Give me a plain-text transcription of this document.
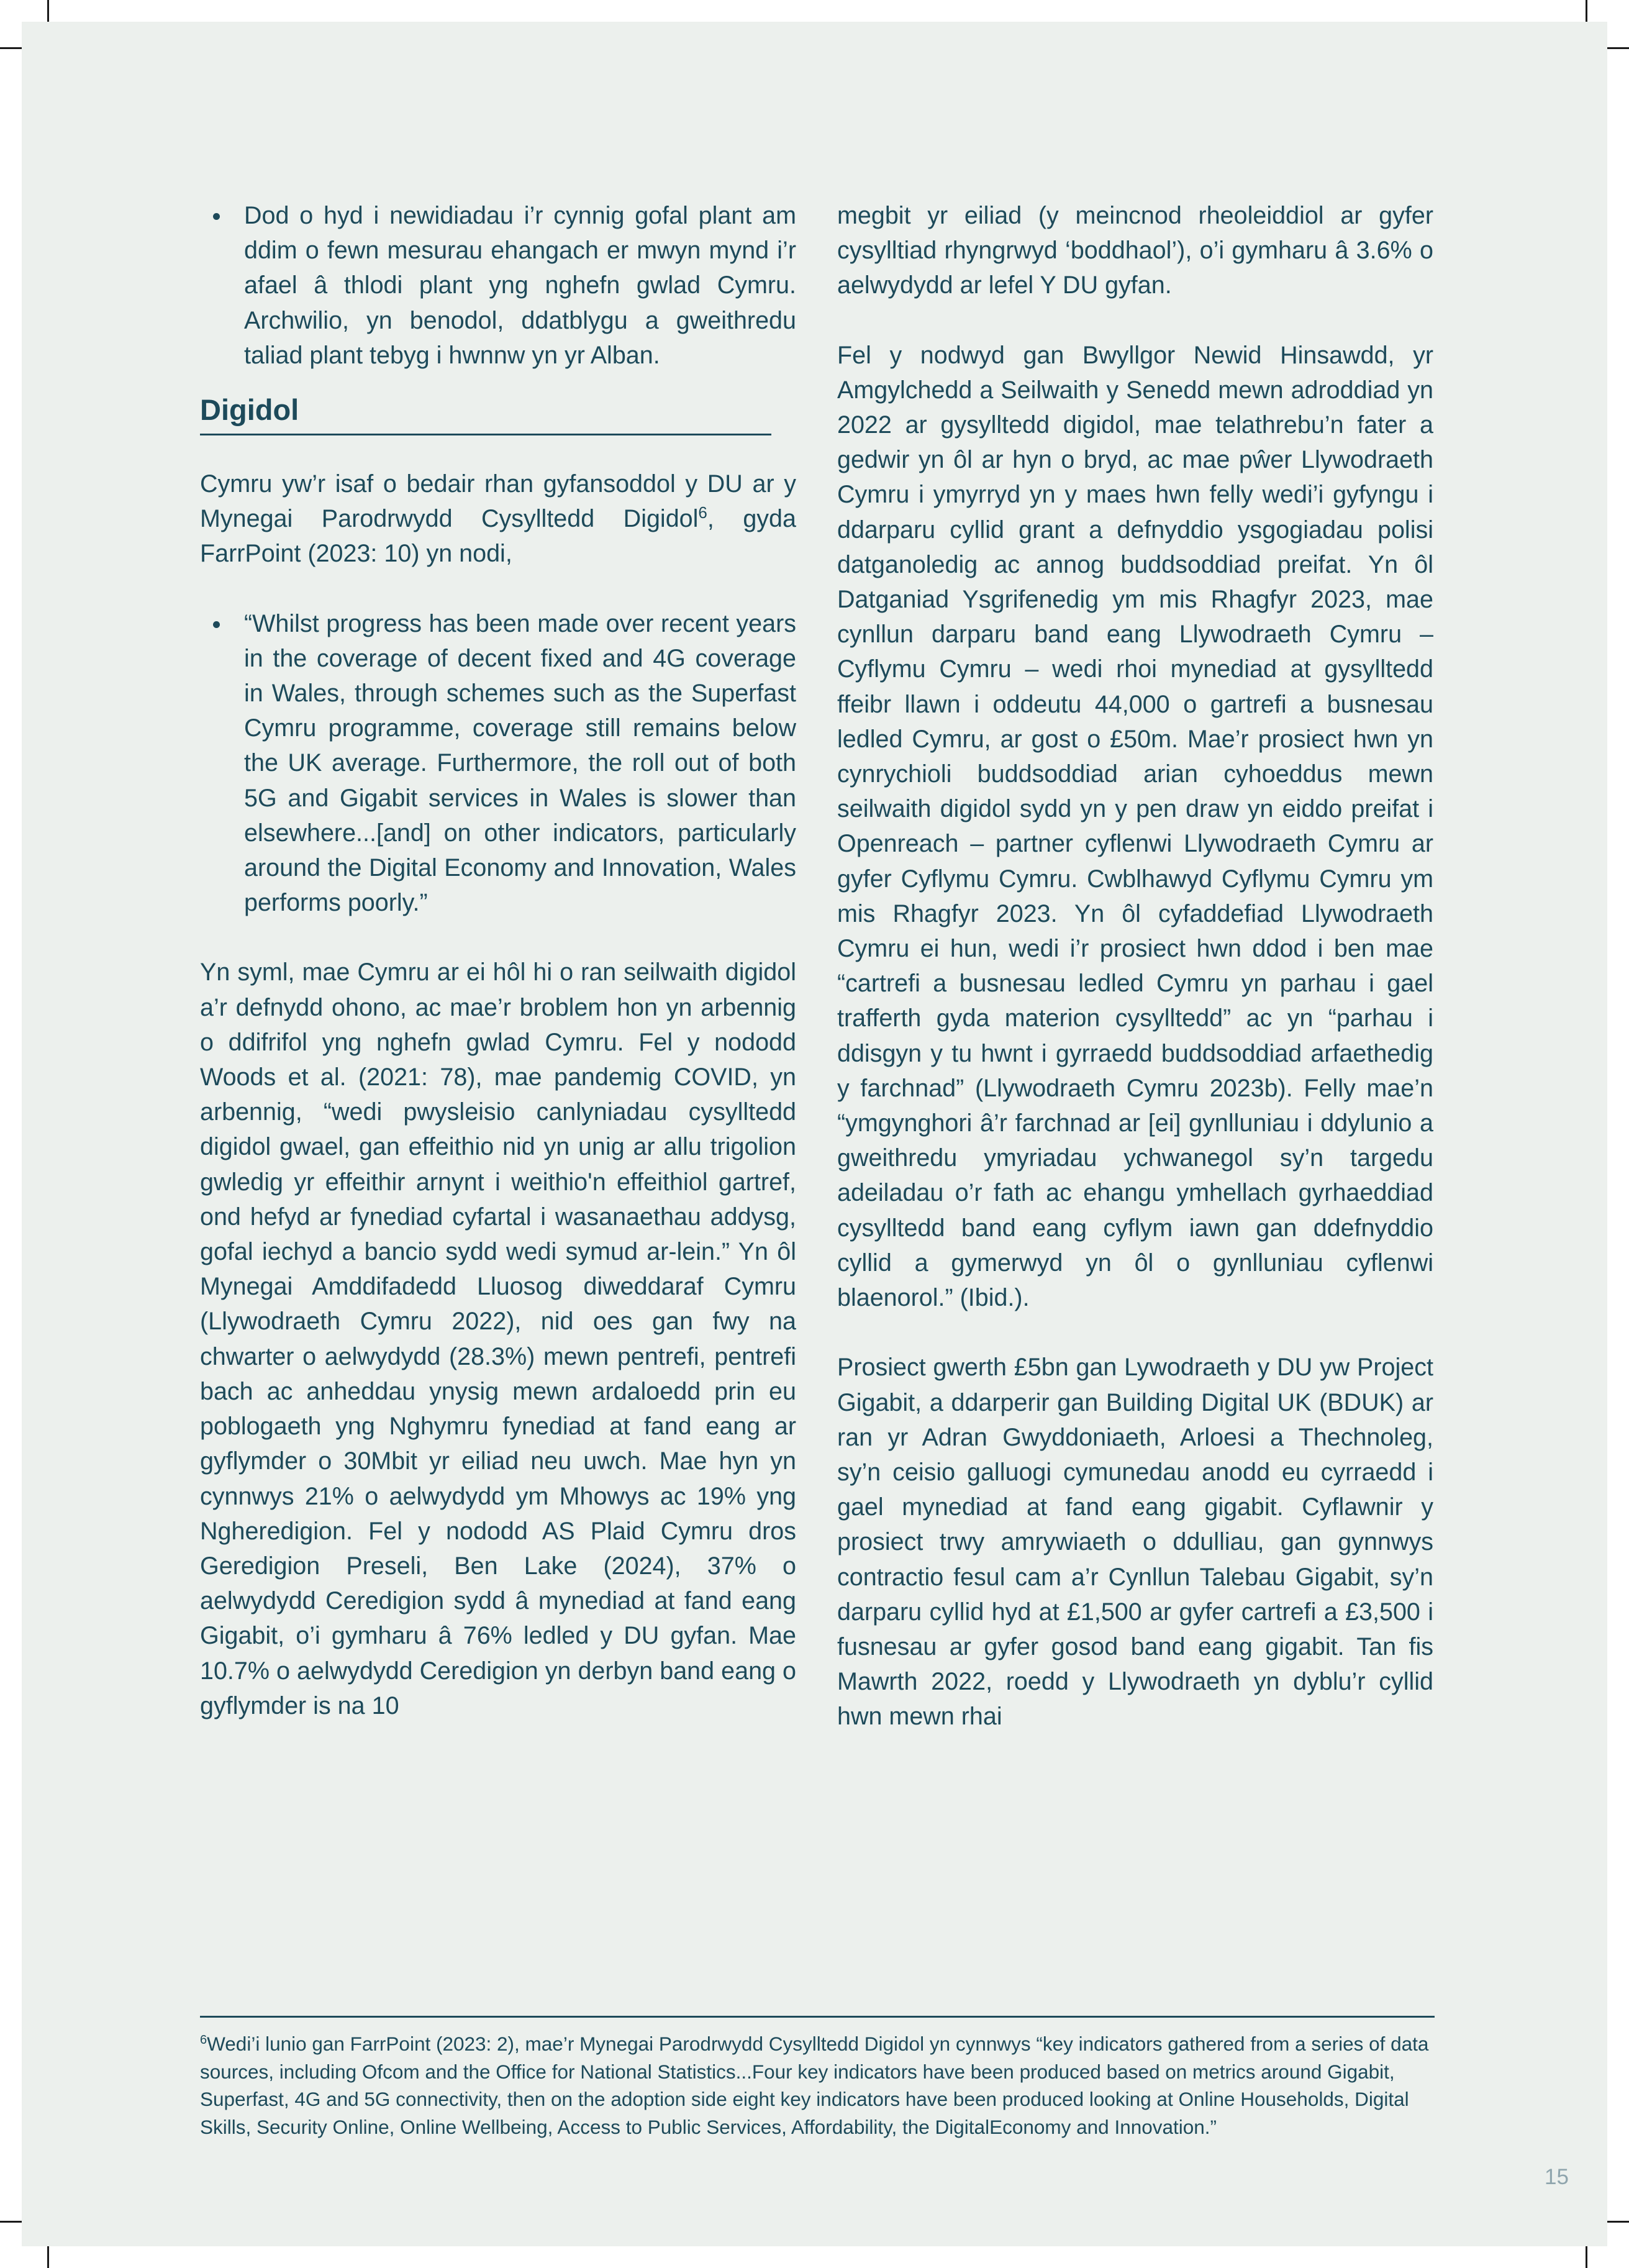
Dod o hyd i newidiadau i’r cynnig gofal plant am ddim o fewn mesurau ehangach er mwyn mynd i’r afael â thlodi plant yng nghefn gwlad Cymru. Archwilio, yn benodol, ddatblygu a gweithredu taliad plant tebyg i hwnnw yn yr Alban.
Digidol

Cymru yw’r isaf o bedair rhan gyfansoddol y DU ar y Mynegai Parodrwydd Cysylltedd Digidol$^6$, gyda FarrPoint (2023: 10) yn nodi,

“Whilst progress has been made over recent years in the coverage of decent fixed and 4G coverage in Wales, through schemes such as the Superfast Cymru programme, coverage still remains below the UK average. Furthermore, the roll out of both 5G and Gigabit services in Wales is slower than elsewhere...[and] on other indicators, particularly around the Digital Economy and Innovation, Wales performs poorly.”

Yn syml, mae Cymru ar ei hôl hi o ran seilwaith digidol a’r defnydd ohono, ac mae’r broblem hon yn arbennig o ddifrifol yng nghefn gwlad Cymru. Fel y nododd Woods et al. (2021: 78), mae pandemig COVID, yn arbennig, “wedi pwysleisio canlyniadau cysylltedd digidol gwael, gan effeithio nid yn unig ar allu trigolion gwledig yr effeithir arnynt i weithio'n effeithiol gartref, ond hefyd ar fynediad cyfartal i wasanaethau addysg, gofal iechyd a bancio sydd wedi symud ar-lein.” Yn ôl Mynegai Amddifadedd Lluosog diweddaraf Cymru (Llywodraeth Cymru 2022), nid oes gan fwy na chwarter o aelwydydd (28.3%) mewn pentrefi, pentrefi bach ac anheddau ynysig mewn ardaloedd prin eu poblogaeth yng Nghymru fynediad at fand eang ar gyflymder o 30Mbit yr eiliad neu uwch. Mae hyn yn cynnwys 21% o aelwydydd ym Mhowys ac 19% yng Ngheredigion. Fel y nododd AS Plaid Cymru dros Geredigion Preseli, Ben Lake (2024), 37% o aelwydydd Ceredigion sydd â mynediad at fand eang Gigabit, o’i gymharu â 76% ledled y DU gyfan. Mae 10.7% o aelwydydd Ceredigion yn derbyn band eang o gyflymder is na 10

megbit yr eiliad (y meincnod rheoleiddiol ar gyfer cysylltiad rhyngrwyd ‘boddhaol’), o’i gymharu â 3.6% o aelwydydd ar lefel Y DU gyfan.

Fel y nodwyd gan Bwyllgor Newid Hinsawdd, yr Amgylchedd a Seilwaith y Senedd mewn adroddiad yn 2022 ar gysylltedd digidol, mae telathrebu’n fater a gedwir yn ôl ar hyn o bryd, ac mae pŵer Llywodraeth Cymru i ymyrryd yn y maes hwn felly wedi’i gyfyngu i ddarparu cyllid grant a defnyddio ysgogiadau polisi datganoledig ac annog buddsoddiad preifat. Yn ôl Datganiad Ysgrifenedig ym mis Rhagfyr 2023, mae cynllun darparu band eang Llywodraeth Cymru – Cyflymu Cymru – wedi rhoi mynediad at gysylltedd ffeibr llawn i oddeutu 44,000 o gartrefi a busnesau ledled Cymru, ar gost o £50m. Mae’r prosiect hwn yn cynrychioli buddsoddiad arian cyhoeddus mewn seilwaith digidol sydd yn y pen draw yn eiddo preifat i Openreach – partner cyflenwi Llywodraeth Cymru ar gyfer Cyflymu Cymru. Cwblhawyd Cyflymu Cymru ym mis Rhagfyr 2023. Yn ôl cyfaddefiad Llywodraeth Cymru ei hun, wedi i’r prosiect hwn ddod i ben mae “cartrefi a busnesau ledled Cymru yn parhau i gael trafferth gyda materion cysylltedd” ac yn “parhau i ddisgyn y tu hwnt i gyrraedd buddsoddiad arfaethedig y farchnad” (Llywodraeth Cymru 2023b). Felly mae’n “ymgynghori â’r farchnad ar [ei] gynlluniau i ddylunio a gweithredu ymyriadau ychwanegol sy’n targedu adeiladau o’r fath ac ehangu ymhellach gyrhaeddiad cysylltedd band eang cyflym iawn gan ddefnyddio cyllid a gymerwyd yn ôl o gynlluniau cyflenwi blaenorol.” (Ibid.).

Prosiect gwerth £5bn gan Lywodraeth y DU yw Project Gigabit, a ddarperir gan Building Digital UK (BDUK) ar ran yr Adran Gwyddoniaeth, Arloesi a Thechnoleg, sy’n ceisio galluogi cymunedau anodd eu cyrraedd i gael mynediad at fand eang gigabit. Cyflawnir y prosiect trwy amrywiaeth o ddulliau, gan gynnwys contractio fesul cam a’r Cynllun Talebau Gigabit, sy’n darparu cyllid hyd at £1,500 ar gyfer cartrefi a £3,500 i fusnesau ar gyfer gosod band eang gigabit. Tan fis Mawrth 2022, roedd y Llywodraeth yn dyblu’r cyllid hwn mewn rhai

$^6$Wedi’i lunio gan FarrPoint (2023: 2), mae’r Mynegai Parodrwydd Cysylltedd Digidol yn cynnwys “key indicators gathered from a series of data sources, including Ofcom and the Office for National Statistics...Four key indicators have been produced based on metrics around Gigabit, Superfast, 4G and 5G connectivity, then on the adoption side eight key indicators have been produced looking at Online Households, Digital Skills, Security Online, Online Wellbeing, Access to Public Services, Affordability, the DigitalEconomy and Innovation.”
15
